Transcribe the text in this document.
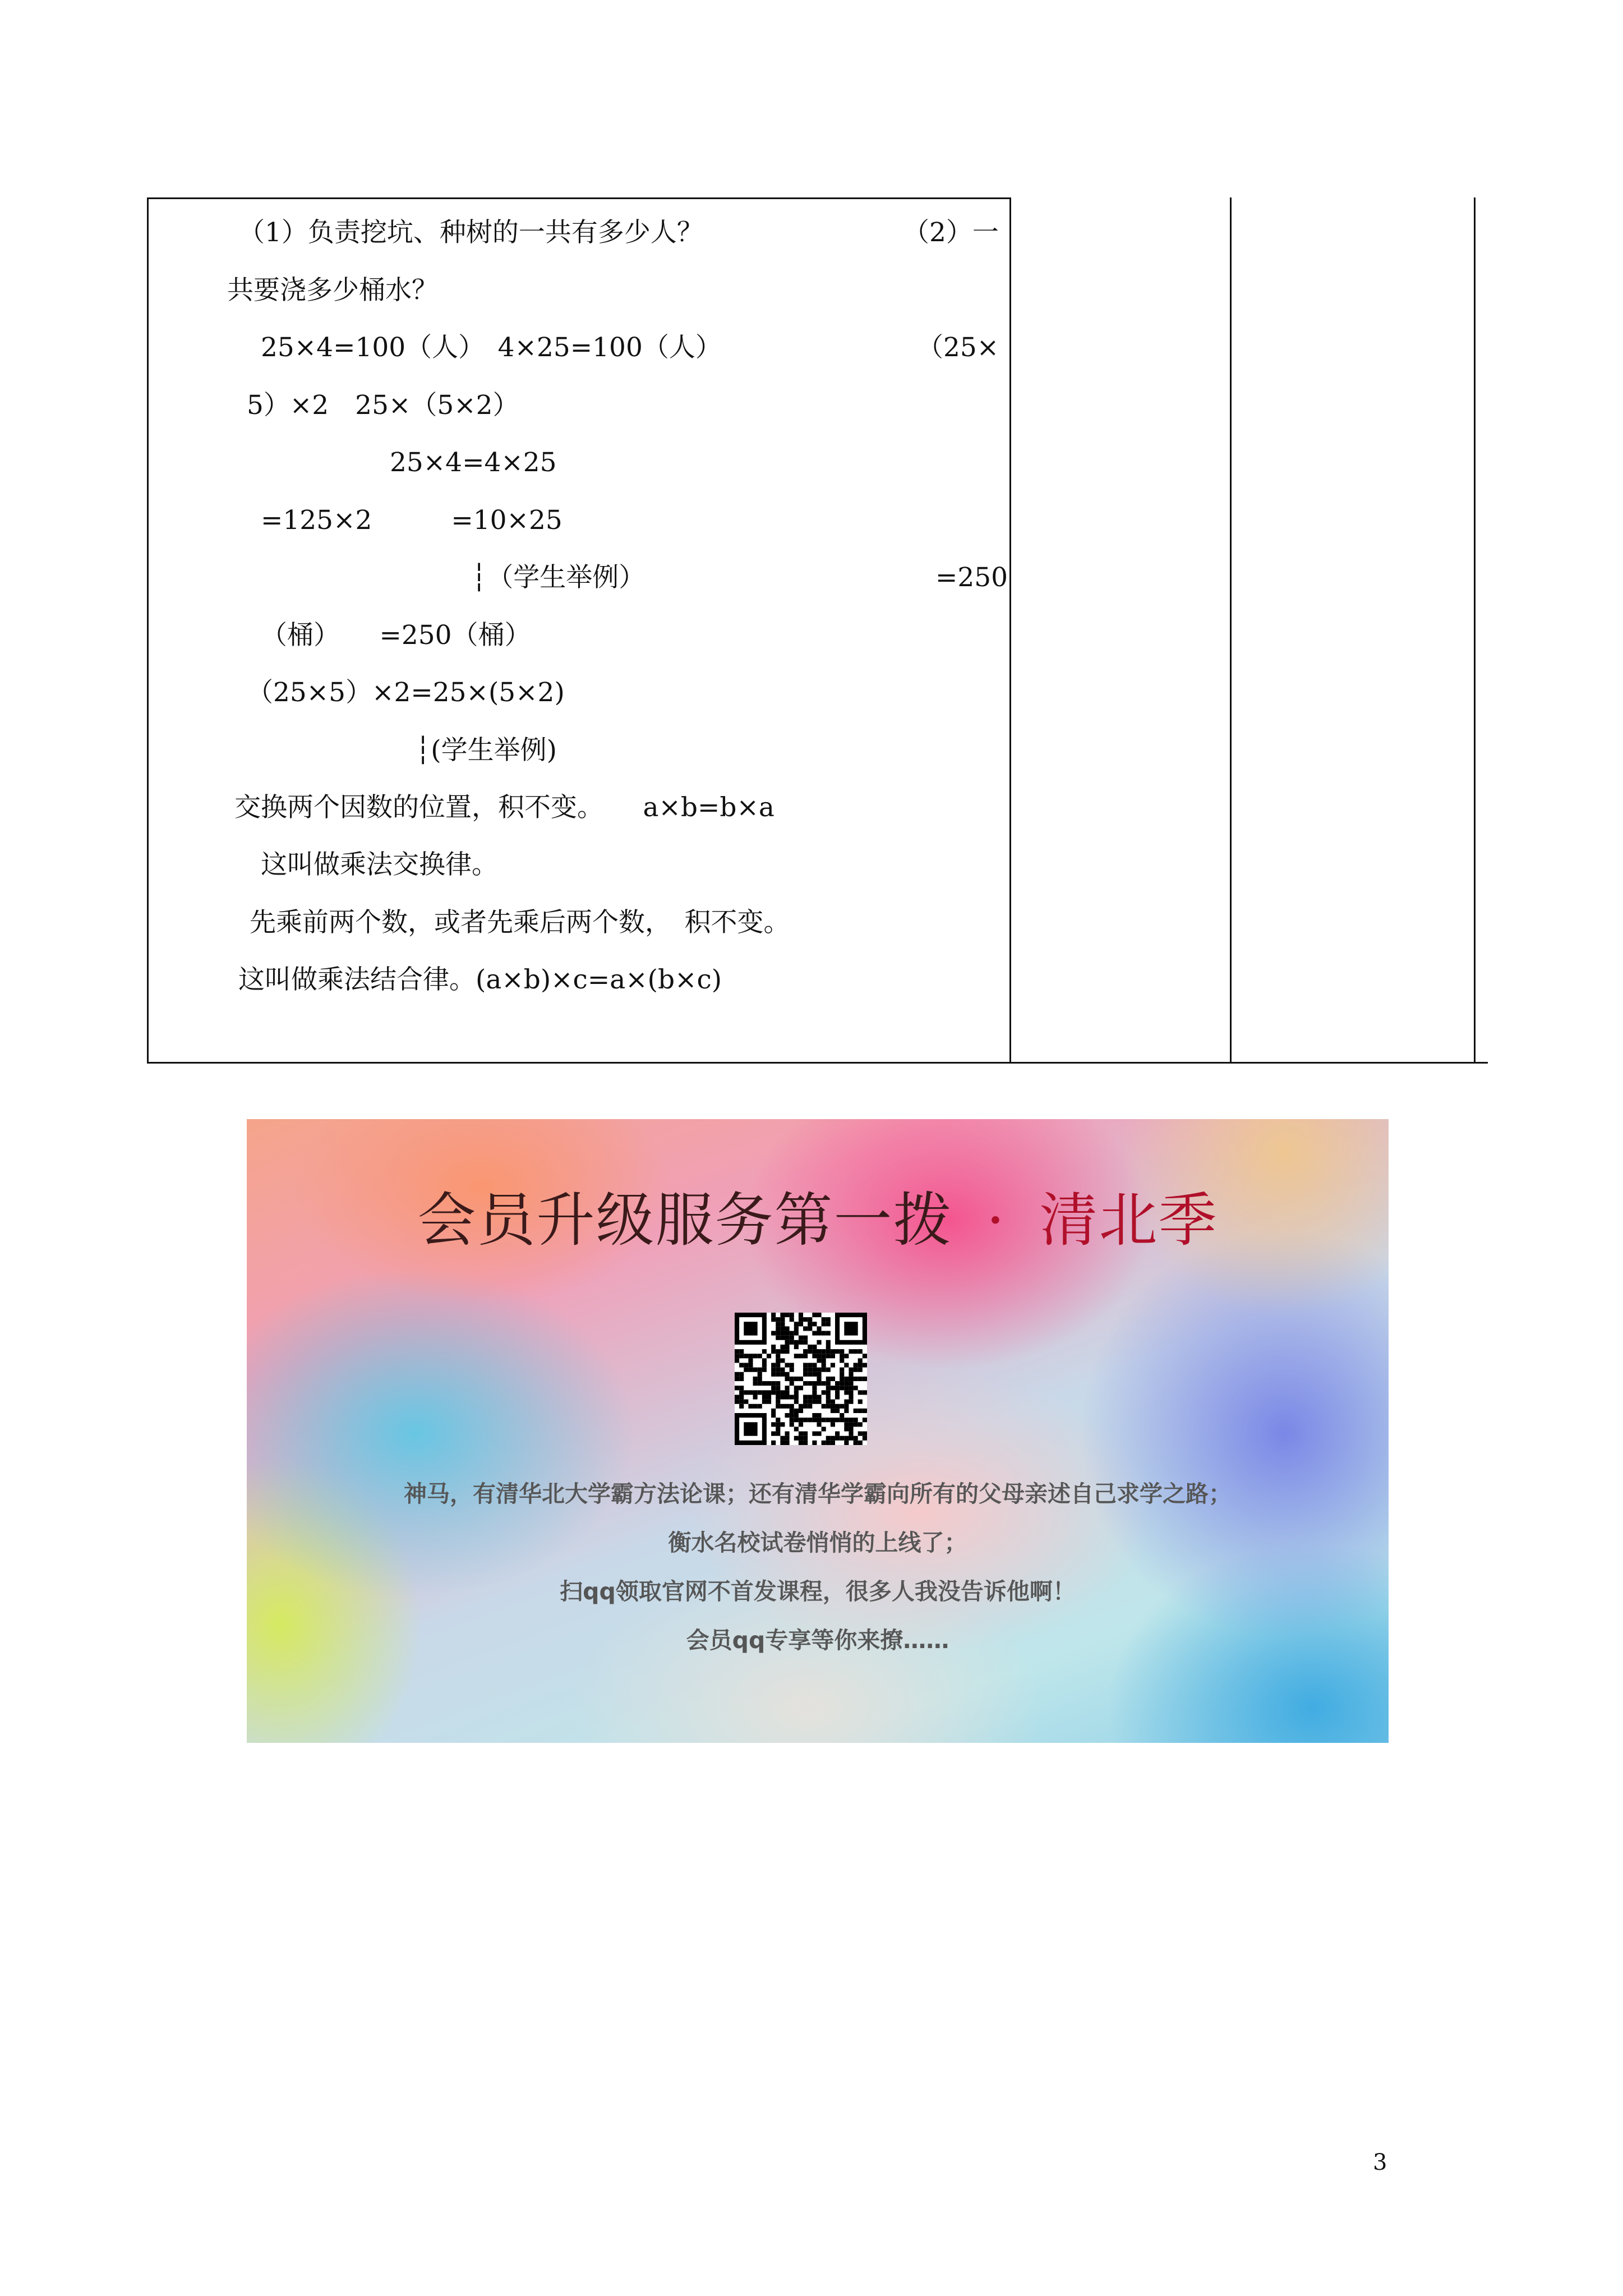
（1）负责挖坑、种树的一共有多少人？	（2）一
共要浇多少桶水？
25×4=100（人）　4×25=100（人）	（25×
5）×2　25×（5×2）
25×4=4×25
=125×2　　　=10×25
┆（学生举例）	=250
（桶）　　=250（桶）
（25×5）×2=25×(5×2)
┆(学生举例)
交换两个因数的位置，积不变。　　a×b=b×a
这叫做乘法交换律。
先乘前两个数，或者先乘后两个数，　积不变。
这叫做乘法结合律。(a×b)×c=a×(b×c)
会员升级服务第一拨 · 清北季
神马，有清华北大学霸方法论课；还有清华学霸向所有的父母亲述自己求学之路；
衡水名校试卷悄悄的上线了；
扫qq领取官网不首发课程，很多人我没告诉他啊！
会员qq专享等你来撩……
3
